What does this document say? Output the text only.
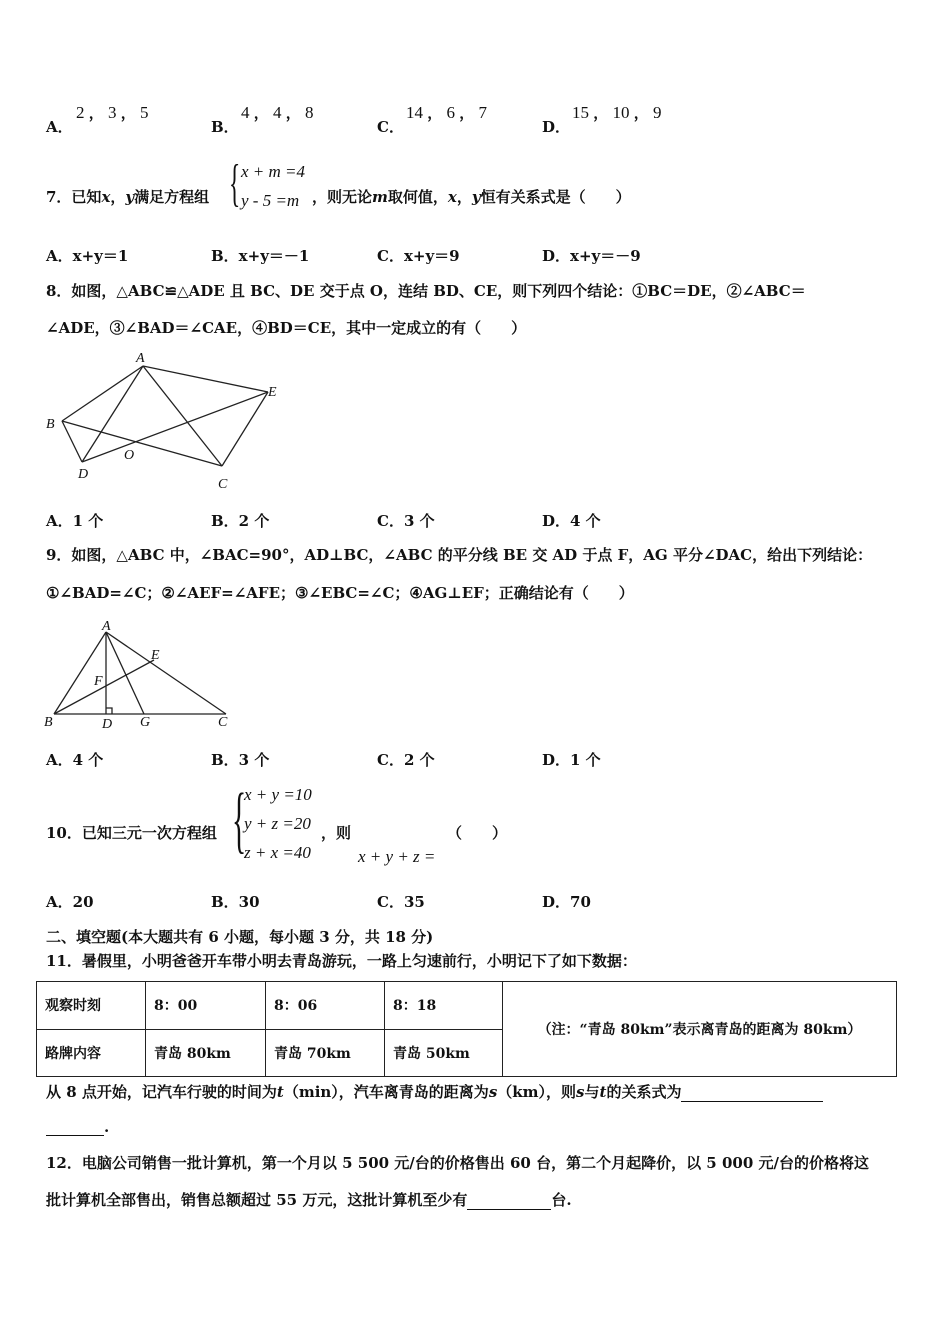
A．
2 ， 3 ， 5
B．
4 ， 4 ， 8
C．
14 ， 6 ， 7
D．
15 ， 10 ， 9
7．已知x，y满足方程组 { x + m =4
y - 5 =m ，则无论m取何值，x，y恒有关系式是（　　）
A．x+y＝1	B．x+y＝－1	C．x+y＝9	D．x+y＝－9
8．如图，△ABC≌△ADE 且 BC、DE 交于点 O，连结 BD、CE，则下列四个结论：①BC＝DE，②∠ABC＝
∠ADE，③∠BAD＝∠CAE，④BD＝CE，其中一定成立的有（　　）
A
B
D
O
C
E
A．1 个	B．2 个	C．3 个	D．4 个
9．如图，△ABC 中，∠BAC=90°，AD⊥BC，∠ABC 的平分线 BE 交 AD 于点 F，AG 平分∠DAC，给出下列结论：
①∠BAD=∠C；②∠AEF=∠AFE；③∠EBC=∠C；④AG⊥EF；正确结论有（　　）
A
E
F
B	D G	C
A．4 个	B．3 个	C．2 个	D．1 个
10．已知三元一次方程组 {
x + y =10
y + z =20
z + x =40
，则
x + y + z =
（　　）
A．20	B．30	C．35	D．70
二、填空题(本大题共有 6 小题，每小题 3 分，共 18 分)
11．暑假里，小明爸爸开车带小明去青岛游玩，一路上匀速前行，小明记下了如下数据：
观察时刻	8：00	8：06	8：18	（注：“青岛 80km”表示离青岛的距离为 80km）
路牌内容	青岛 80km	青岛 70km	青岛 50km	
从 8 点开始，记汽车行驶的时间为t（min），汽车离青岛的距离为s（km），则s与t的关系式为
.
12．电脑公司销售一批计算机，第一个月以 5 500 元/台的价格售出 60 台，第二个月起降价，以 5 000 元/台的价格将这
批计算机全部售出，销售总额超过 55 万元，这批计算机至少有	台.
